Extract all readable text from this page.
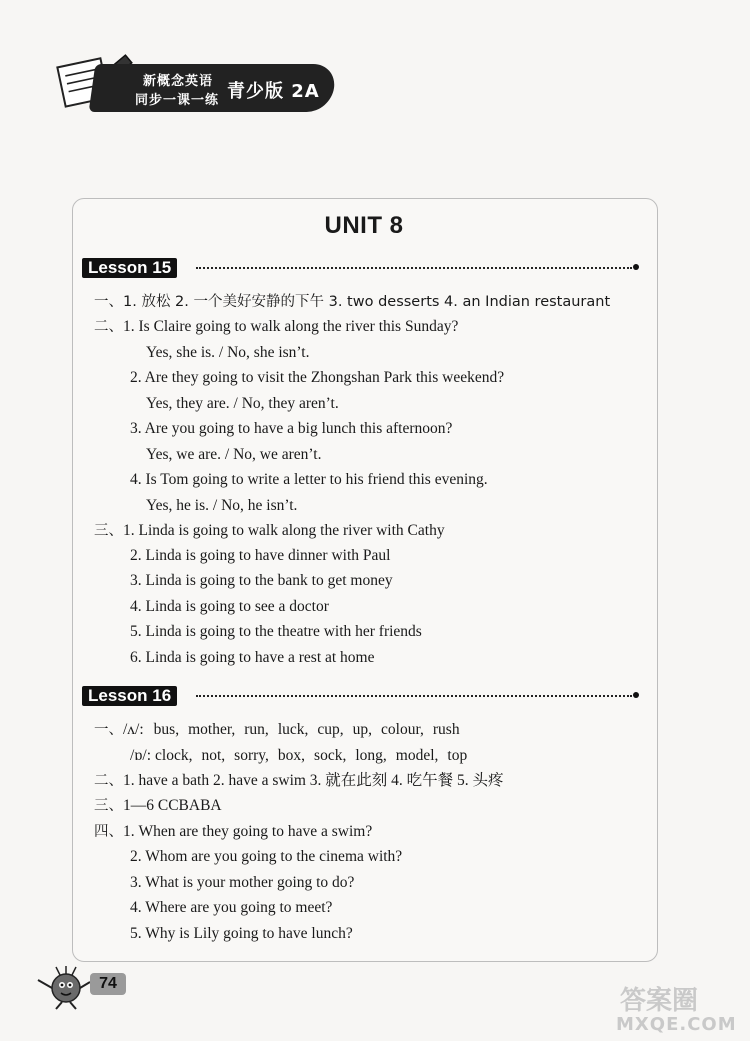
新概念英语
同步一课一练 青少版 2A
UNIT 8
Lesson 15
一、1. 放松 2. 一个美好安静的下午 3. two desserts 4. an Indian restaurant
二、1. Is Claire going to walk along the river this Sunday?
Yes, she is. / No, she isn’t.
2. Are they going to visit the Zhongshan Park this weekend?
Yes, they are. / No, they aren’t.
3. Are you going to have a big lunch this afternoon?
Yes, we are. / No, we aren’t.
4. Is Tom going to write a letter to his friend this evening.
Yes, he is. / No, he isn’t.
三、1. Linda is going to walk along the river with Cathy
2. Linda is going to have dinner with Paul
3. Linda is going to the bank to get money
4. Linda is going to see a doctor
5. Linda is going to the theatre with her friends
6. Linda is going to have a rest at home
Lesson 16
一、/ʌ/: bus, mother, run, luck, cup, up, colour, rush
/ɒ/: clock, not, sorry, box, sock, long, model, top
二、1. have a bath 2. have a swim 3. 就在此刻 4. 吃午餐 5. 头疼
三、1—6 CCBABA
四、1. When are they going to have a swim?
2. Whom are you going to the cinema with?
3. What is your mother going to do?
4. Where are you going to meet?
5. Why is Lily going to have lunch?
74
答案圈
MXQE.COM
